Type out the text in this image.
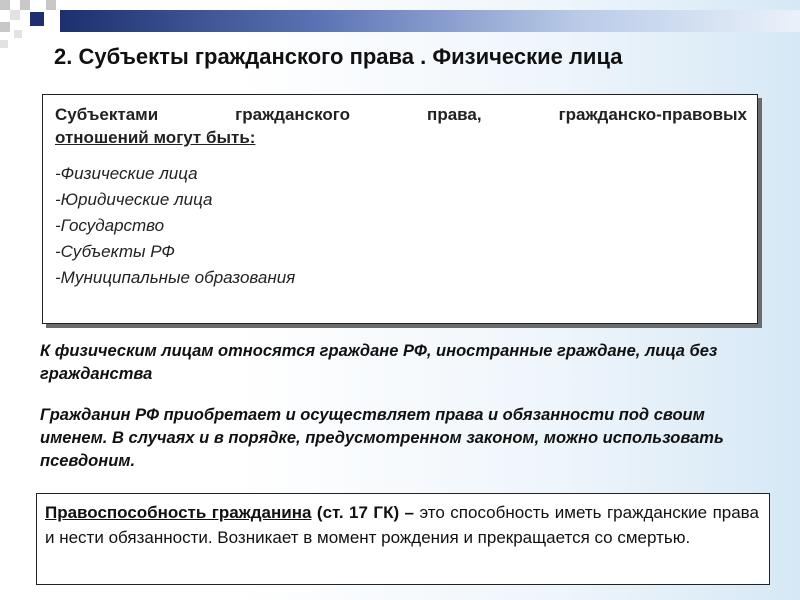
2. Субъекты гражданского права . Физические лица

Субъектами гражданского права, гражданско-правовых
отношений могут быть:

-Физические лица
-Юридические лица
-Государство
-Субъекты РФ
-Муниципальные образования

К физическим лицам относятся граждане РФ, иностранные граждане, лица без гражданства

Гражданин РФ приобретает и осуществляет права и обязанности под своим именем. В случаях и в порядке, предусмотренном законом, можно использовать псевдоним.

Правоспособность гражданина (ст. 17 ГК) – это способность иметь гражданские права и нести обязанности. Возникает в момент рождения и прекращается со смертью.
